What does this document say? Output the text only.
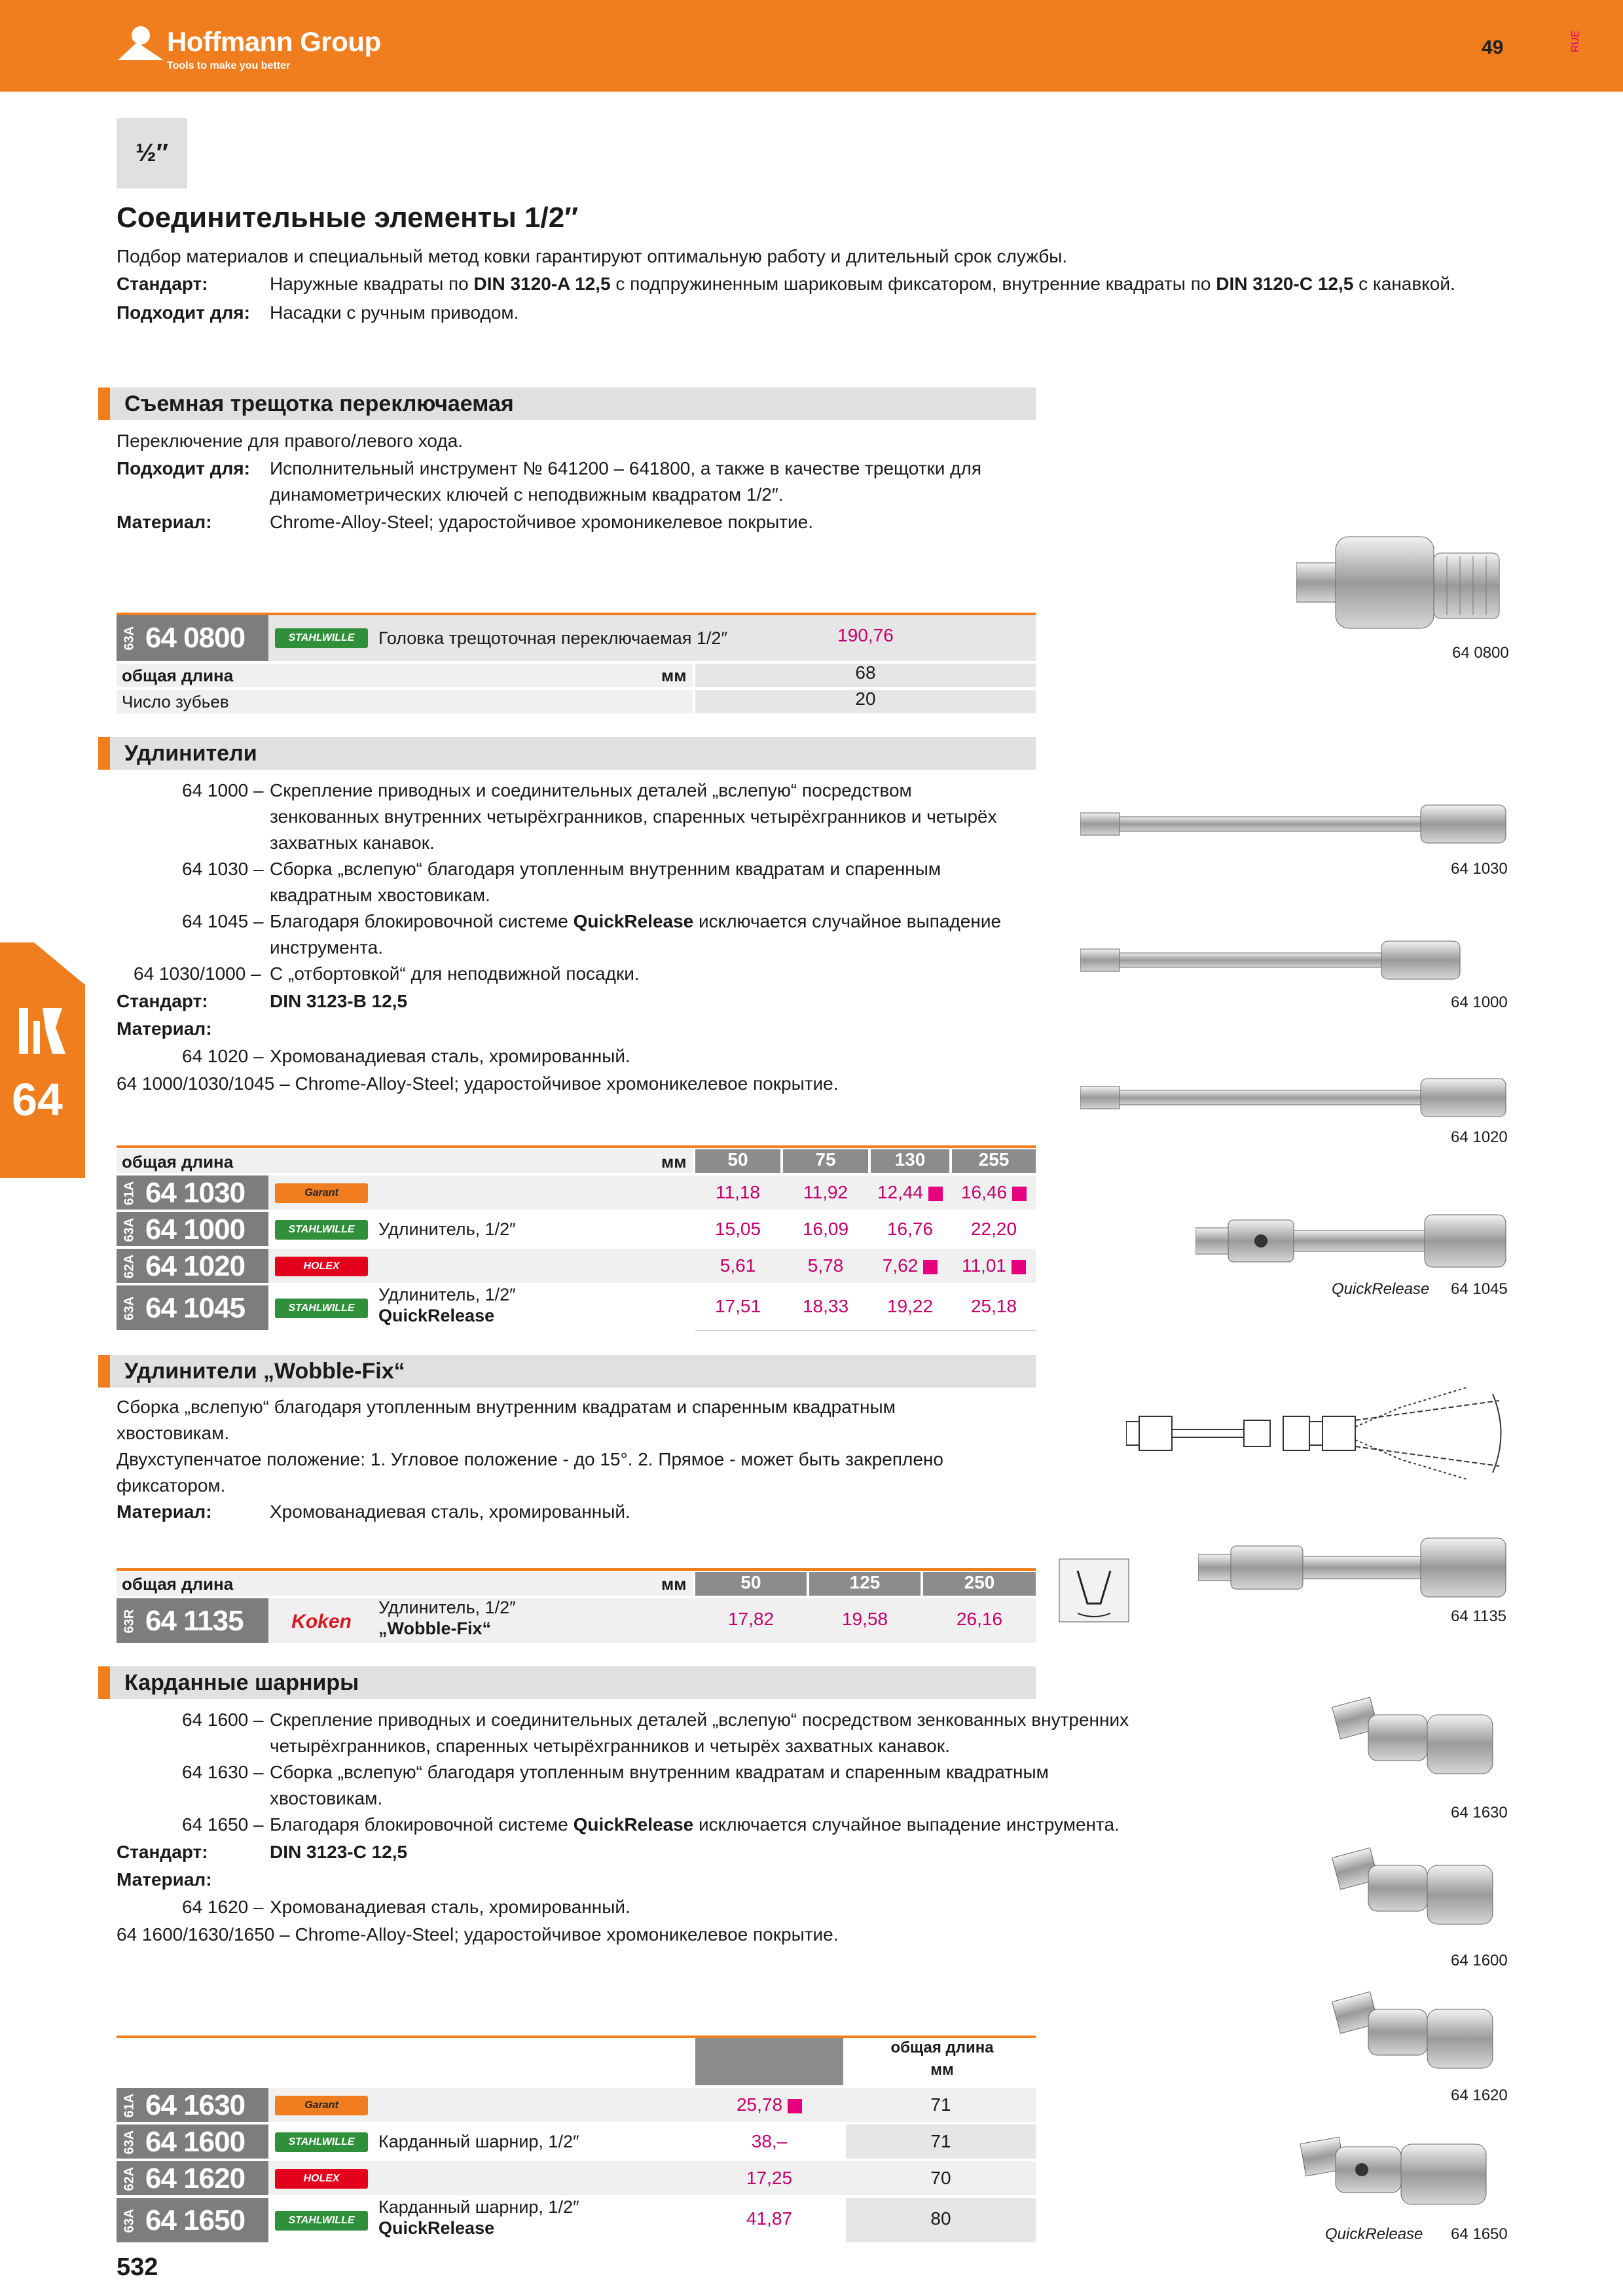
Hoffmann Group
Tools to make you better
49	RUE
64
½″
Соединительные элементы 1/2″
Подбор материалов и специальный метод ковки гарантируют оптимальную работу и длительный срок службы.
Стандарт:	Наружные квадраты по DIN 3120-A 12,5 с подпружиненным шариковым фиксатором, внутренние квадраты по DIN 3120-C 12,5 с канавкой.
Подходит для: Насадки с ручным приводом.
Съемная трещотка переключаемая
Переключение для правого/левого хода.
Подходит для: Исполнительный инструмент № 641200 – 641800, а также в качестве трещотки для
динамометрических ключей с неподвижным квадратом 1/2″.
Материал:	Chrome-Alloy-Steel; ударостойчивое хромоникелевое покрытие.
63A 64 0800	STAHLWILLE	Головка трещоточная переключаемая 1/2″	190,76
общая длина	мм	68
Число зубьев	20
64 0800
Удлинители
64 1000 – Скрепление приводных и соединительных деталей „вслепую“ посредством
зенкованных внутренних четырёхгранников, спаренных четырёхгранников и четырёх
захватных канавок.
64 1030 – Сборка „вслепую“ благодаря утопленным внутренним квадратам и спаренным
квадратным хвостовикам.
64 1045 – Благодаря блокировочной системе QuickRelease исключается случайное выпадение
инструмента.
64 1030/1000 – С „отбортовкой“ для неподвижной посадки.
Стандарт:	DIN 3123-B 12,5
Материал:
64 1020 – Хромованадиевая сталь, хромированный.
64 1000/1030/1045 – Chrome-Alloy-Steel; ударостойчивое хромоникелевое покрытие.
общая длина	мм	50	75	130	255
61A 64 1030	Garant	11,18	11,92	12,44	16,46
63A 64 1000	STAHLWILLE	Удлинитель, 1/2″	15,05	16,09	16,76	22,20
62A 64 1020	HOLEX	5,61	5,78	7,62	11,01
63A 64 1045	STAHLWILLE
Удлинитель, 1/2″
QuickRelease	17,51	18,33	19,22	25,18
64 1030
64 1000
64 1020
QuickRelease 64 1045
Удлинители „Wobble-Fix“
Сборка „вслепую“ благодаря утопленным внутренним квадратам и спаренным квадратным
хвостовикам.
Двухступенчатое положение: 1. Угловое положение - до 15°. 2. Прямое - может быть закреплено
фиксатором.
Материал:	Хромованадиевая сталь, хромированный.
общая длина	мм	50	125	250
63R 64 1135	Koken
Удлинитель, 1/2″
„Wobble-Fix“	17,82	19,58	26,16	64 1135
Карданные шарниры
64 1600 – Скрепление приводных и соединительных деталей „вслепую“ посредством зенкованных внутренних
четырёхгранников, спаренных четырёхгранников и четырёх захватных канавок.
64 1630 – Сборка „вслепую“ благодаря утопленным внутренним квадратам и спаренным квадратным
хвостовикам.
64 1650 – Благодаря блокировочной системе QuickRelease исключается случайное выпадение инструмента.
Стандарт:	DIN 3123-C 12,5
Материал:
64 1620 – Хромованадиевая сталь, хромированный.
64 1600/1630/1650 – Chrome-Alloy-Steel; ударостойчивое хромоникелевое покрытие.
общая длина
мм
61A 64 1630	Garant	25,78	71
63A 64 1600	STAHLWILLE	Карданный шарнир, 1/2″	38,–	71
62A 64 1620	HOLEX	17,25	70
63A 64 1650	STAHLWILLE
Карданный шарнир, 1/2″
QuickRelease	41,87	80
64 1630
64 1600
64 1620
QuickRelease 64 1650
532
